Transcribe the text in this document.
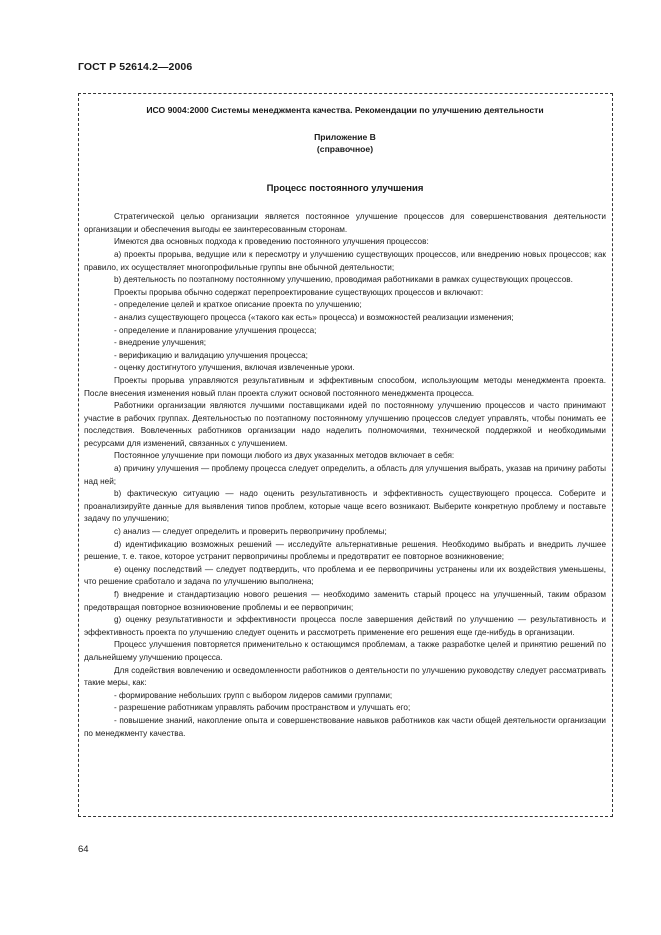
ГОСТ Р 52614.2—2006
ИСО 9004:2000 Системы менеджмента качества. Рекомендации по улучшению деятельности
Приложение В
(справочное)
Процесс постоянного улучшения

Стратегической целью организации является постоянное улучшение процессов для совершенствования деятельности организации и обеспечения выгоды ее заинтересованным сторонам.

Имеются два основных подхода к проведению постоянного улучшения процессов:

а) проекты прорыва, ведущие или к пересмотру и улучшению существующих процессов, или внедрению новых процессов; как правило, их осуществляет многопрофильные группы вне обычной деятельности;

b) деятельность по поэтапному постоянному улучшению, проводимая работниками в рамках существующих процессов.

Проекты прорыва обычно содержат перепроектирование существующих процессов и включают:

- определение целей и краткое описание проекта по улучшению;

- анализ существующего процесса («такого как есть» процесса) и возможностей реализации изменения;

- определение и планирование улучшения процесса;

- внедрение улучшения;

- верификацию и валидацию улучшения процесса;

- оценку достигнутого улучшения, включая извлеченные уроки.

Проекты прорыва управляются результативным и эффективным способом, использующим методы менеджмента проекта. После внесения изменения новый план проекта служит основой постоянного менеджмента процесса.

Работники организации являются лучшими поставщиками идей по постоянному улучшению процессов и часто принимают участие в рабочих группах. Деятельностью по поэтапному постоянному улучшению процессов следует управлять, чтобы понимать ее последствия. Вовлеченных работников организации надо наделить полномочиями, технической поддержкой и необходимыми ресурсами для изменений, связанных с улучшением.

Постоянное улучшение при помощи любого из двух указанных методов включает в себя:

а) причину улучшения — проблему процесса следует определить, а область для улучшения выбрать, указав на причину работы над ней;

b) фактическую ситуацию — надо оценить результативность и эффективность существующего процесса. Соберите и проанализируйте данные для выявления типов проблем, которые чаще всего возникают. Выберите конкретную проблему и поставьте задачу по улучшению;

с) анализ — следует определить и проверить первопричину проблемы;

d) идентификацию возможных решений — исследуйте альтернативные решения. Необходимо выбрать и внедрить лучшее решение, т. е. такое, которое устранит первопричины проблемы и предотвратит ее повторное возникновение;

е) оценку последствий — следует подтвердить, что проблема и ее первопричины устранены или их воздействия уменьшены, что решение сработало и задача по улучшению выполнена;

f) внедрение и стандартизацию нового решения — необходимо заменить старый процесс на улучшенный, таким образом предотвращая повторное возникновение проблемы и ее первопричин;

g) оценку результативности и эффективности процесса после завершения действий по улучшению — результативность и эффективность проекта по улучшению следует оценить и рассмотреть применение его решения еще где-нибудь в организации.

Процесс улучшения повторяется применительно к остающимся проблемам, а также разработке целей и принятию решений по дальнейшему улучшению процесса.

Для содействия вовлечению и осведомленности работников о деятельности по улучшению руководству следует рассматривать такие меры, как:

- формирование небольших групп с выбором лидеров самими группами;

- разрешение работникам управлять рабочим пространством и улучшать его;

- повышение знаний, накопление опыта и совершенствование навыков работников как части общей деятельности организации по менеджменту качества.

64
